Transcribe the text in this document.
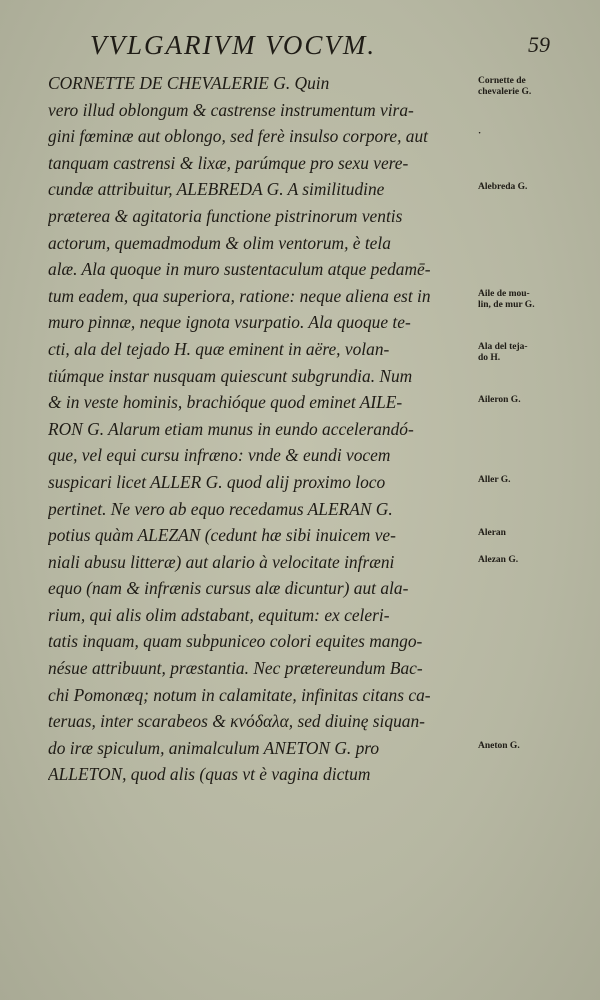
VVLGARIVM VOCVM.	59
CORNETTE DE CHEVALERIE G. Quin
vero illud oblongum & castrense instrumentum vira-
gini fœminæ aut oblongo, sed ferè insulso corpore, aut
tanquam castrensi & lixæ, parúmque pro sexu vere-
cundæ attribuitur, ALEBREDA G. A similitudine
præterea & agitatoria functione pistrinorum ventis
actorum, quemadmodum & olim ventorum, è tela
alæ. Ala quoque in muro sustentaculum atque pedamē-
tum eadem, qua superiora, ratione: neque aliena est in
muro pinnæ, neque ignota vsurpatio. Ala quoque te-
cti, ala del tejado H. quæ eminent in aëre, volan-
tiúmque instar nusquam quiescunt subgrundia. Num
& in veste hominis, brachióque quod eminet AILE-
RON G. Alarum etiam munus in eundo accelerandó-
que, vel equi cursu infræno: vnde & eundi vocem
suspicari licet ALLER G. quod alij proximo loco
pertinet. Ne vero ab equo recedamus ALERAN G.
potius quàm ALEZAN (cedunt hæ sibi inuicem ve-
niali abusu litteræ) aut alario à velocitate infræni
equo (nam & infrænis cursus alæ dicuntur) aut ala-
rium, qui alis olim adstabant, equitum: ex celeri-
tatis inquam, quam subpuniceo colori equites mango-
nésue attribuunt, præstantia. Nec prætereundum Bac-
chi Pomonæq; notum in calamitate, infinitas citans ca-
teruas, inter scarabeos & κνόδαλα, sed diuinę siquan-
do iræ spiculum, animalculum ANETON G. pro
ALLETON, quod alis (quas vt è vagina dictum
Cornette de
chevalerie G.
·
Alebreda G.
Aile de mou-
lin, de mur G.
Ala del teja-
do H.
Aileron G.
Aller G.
Aleran
Alezan G.
Aneton G.
